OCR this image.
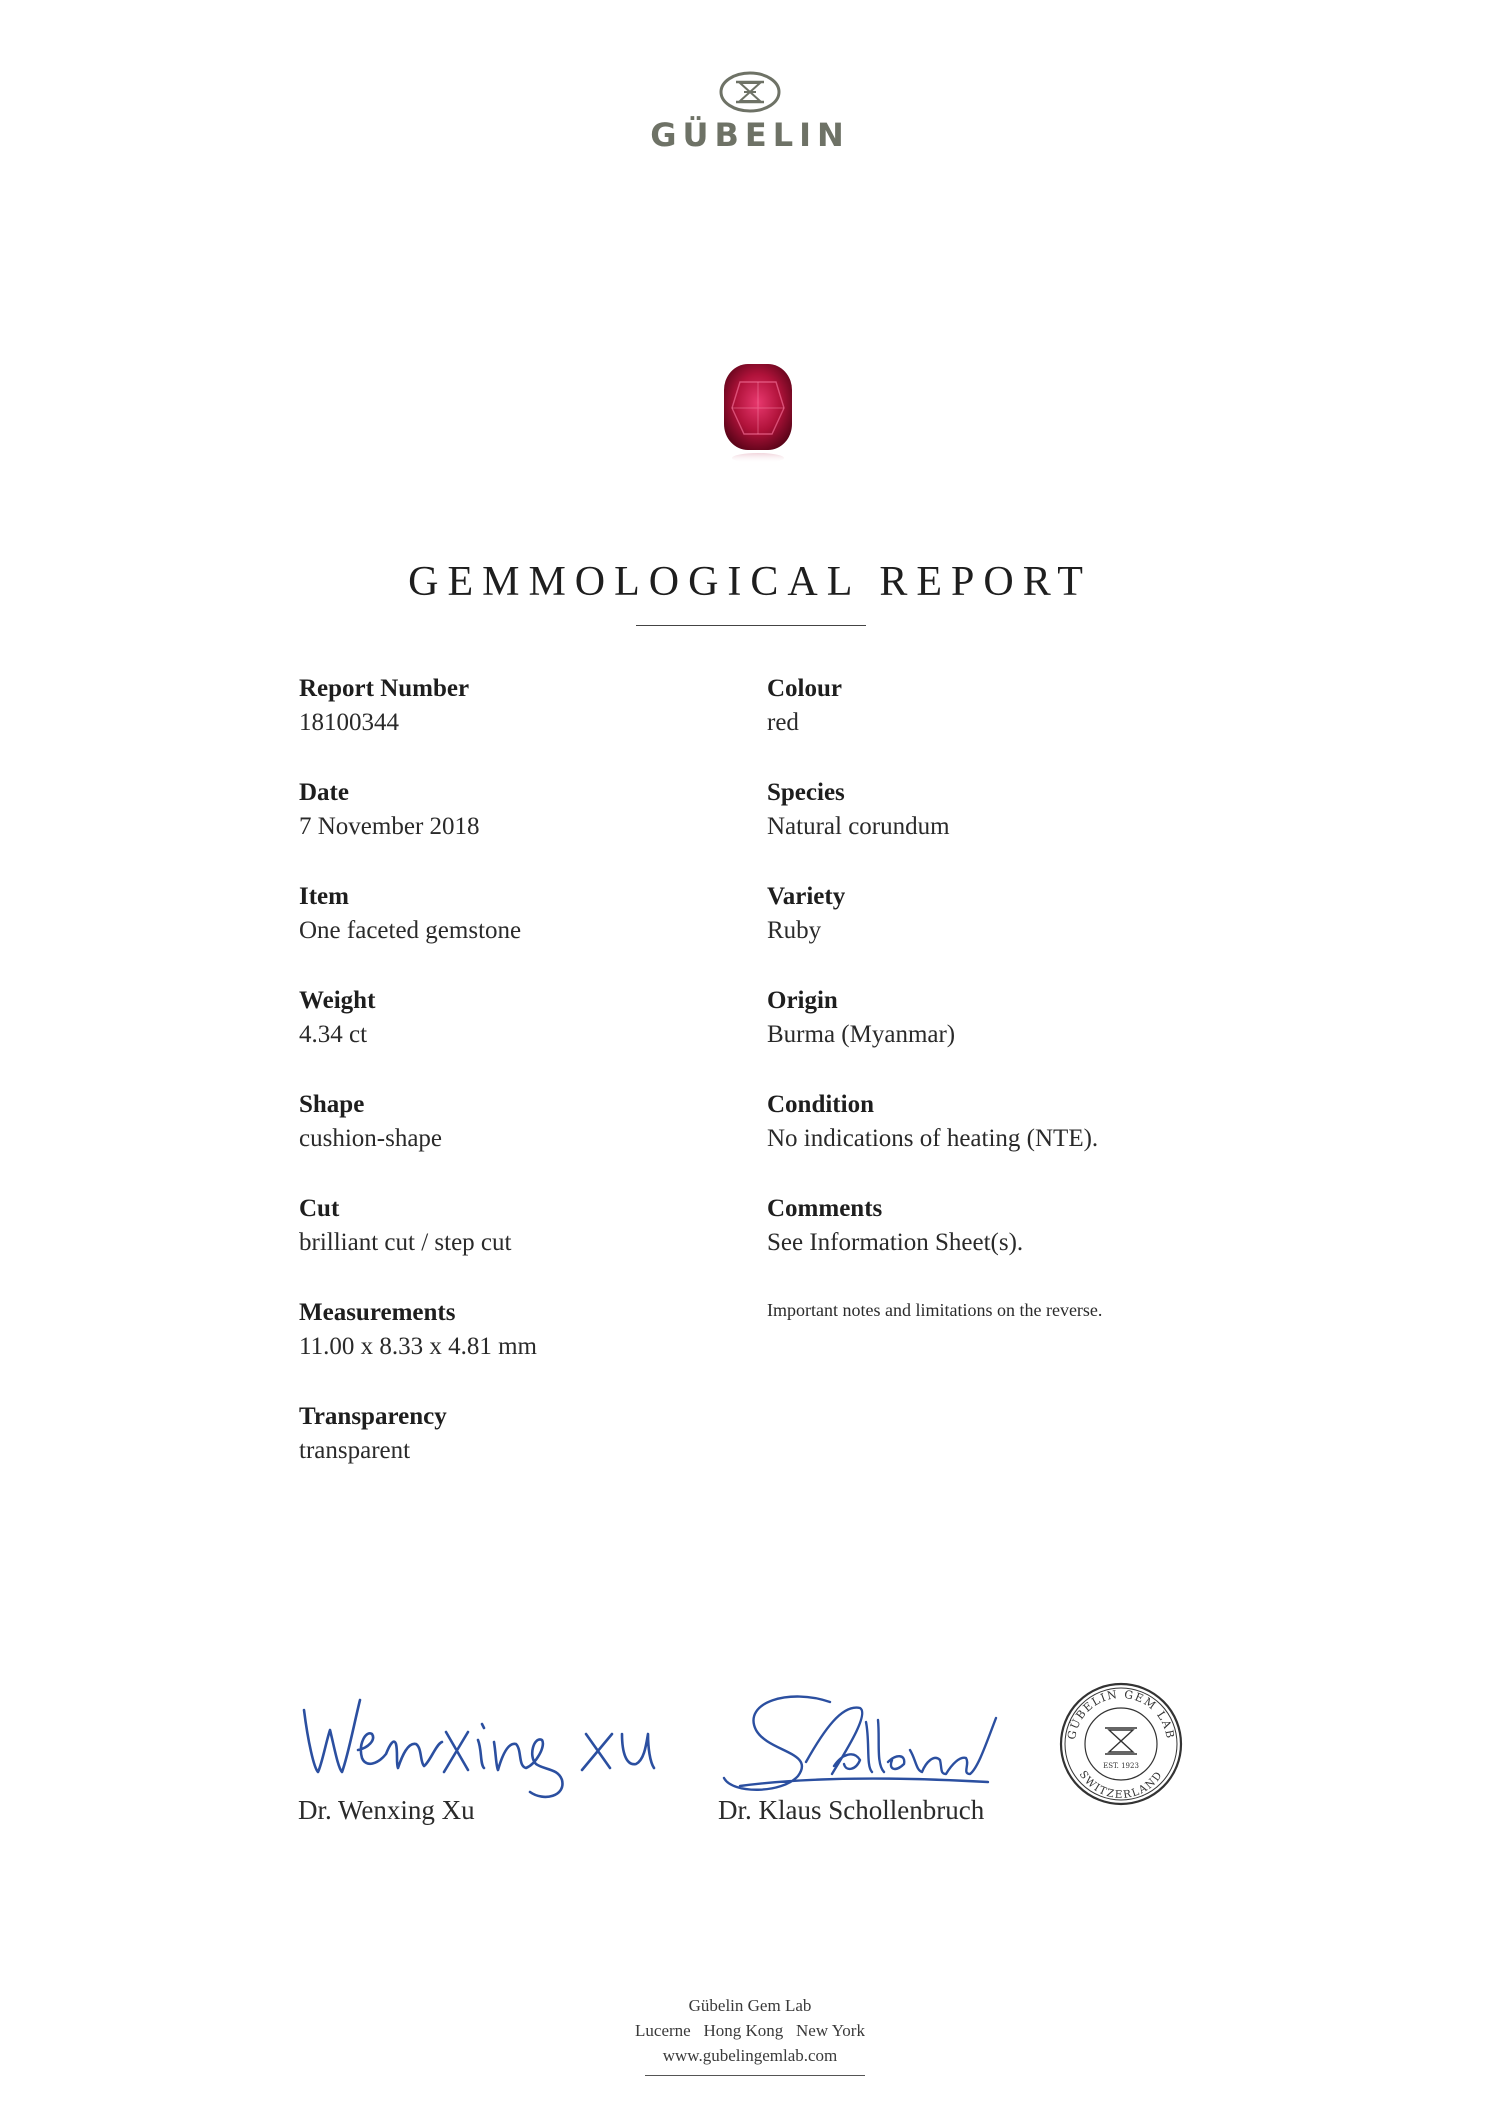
GÜBELIN
GEMMOLOGICAL REPORT
Report Number
18100344
Date
7 November 2018
Item
One faceted gemstone
Weight
4.34 ct
Shape
cushion-shape
Cut
brilliant cut / step cut
Measurements
11.00 x 8.33 x 4.81 mm
Transparency
transparent
Colour
red
Species
Natural corundum
Variety
Ruby
Origin
Burma (Myanmar)
Condition
No indications of heating (NTE).
Comments
See Information Sheet(s).
Important notes and limitations on the reverse.
Dr. Wenxing Xu	Dr. Klaus Schollenbruch
GÜBELIN GEM LAB
SWITZERLAND
EST. 1923
Gübelin Gem Lab
Lucerne   Hong Kong   New York
www.gubelingemlab.com
